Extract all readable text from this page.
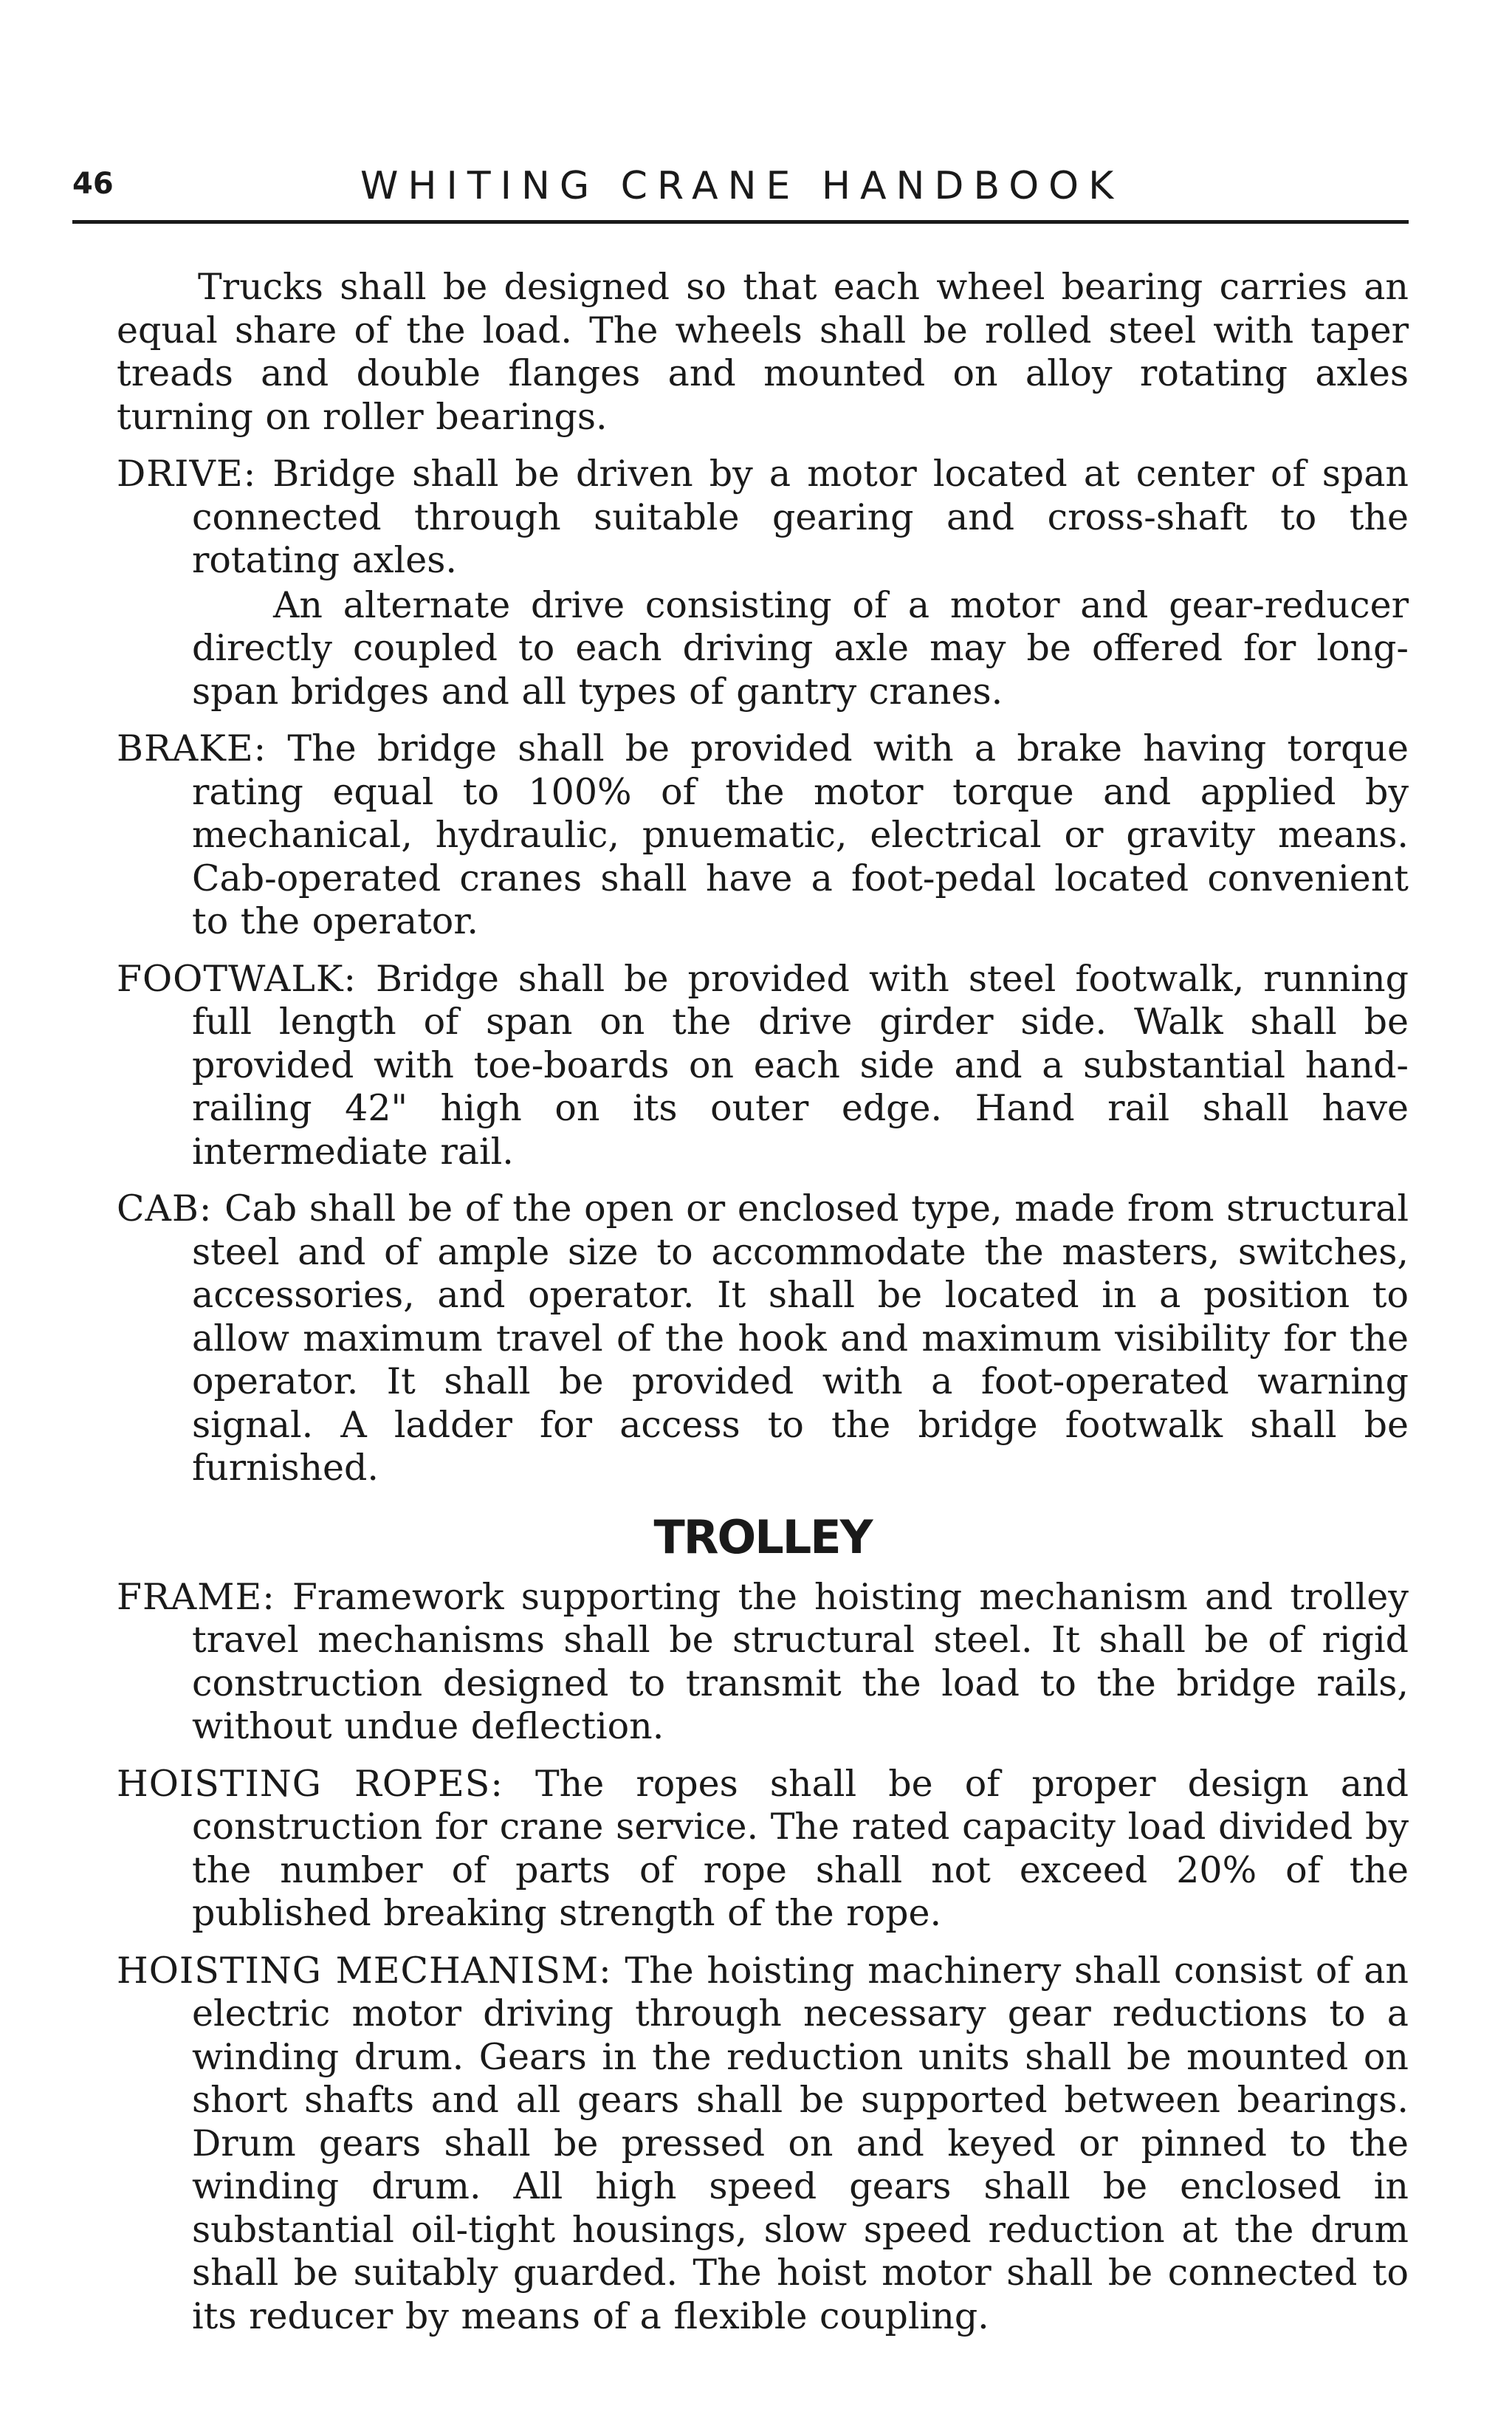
46	WHITING CRANE HANDBOOK

Trucks shall be designed so that each wheel bearing carries an equal share of the load. The wheels shall be rolled steel with taper treads and double flanges and mounted on alloy rotating axles turning on roller bearings.

DRIVE: Bridge shall be driven by a motor located at center of span connected through suitable gearing and cross-shaft to the rotating axles.

An alternate drive consisting of a motor and gear-reducer directly coupled to each driving axle may be offered for long-span bridges and all types of gantry cranes.

BRAKE: The bridge shall be provided with a brake having torque rating equal to 100% of the motor torque and applied by mechanical, hydraulic, pnuematic, electrical or gravity means. Cab-operated cranes shall have a foot-pedal located convenient to the operator.

FOOTWALK: Bridge shall be provided with steel footwalk, running full length of span on the drive girder side. Walk shall be provided with toe-boards on each side and a substantial hand-railing 42" high on its outer edge. Hand rail shall have intermediate rail.

CAB: Cab shall be of the open or enclosed type, made from structural steel and of ample size to accommodate the masters, switches, accessories, and operator. It shall be located in a position to allow maximum travel of the hook and maximum visibility for the operator. It shall be provided with a foot-operated warning signal. A ladder for access to the bridge footwalk shall be furnished.

TROLLEY

FRAME: Framework supporting the hoisting mechanism and trolley travel mechanisms shall be structural steel. It shall be of rigid construction designed to transmit the load to the bridge rails, without undue deflection.

HOISTING ROPES: The ropes shall be of proper design and construction for crane service. The rated capacity load divided by the number of parts of rope shall not exceed 20% of the published breaking strength of the rope.

HOISTING MECHANISM: The hoisting machinery shall consist of an electric motor driving through necessary gear reductions to a winding drum. Gears in the reduction units shall be mounted on short shafts and all gears shall be supported between bearings. Drum gears shall be pressed on and keyed or pinned to the winding drum. All high speed gears shall be enclosed in substantial oil-tight housings, slow speed reduction at the drum shall be suitably guarded. The hoist motor shall be connected to its reducer by means of a flexible coupling.
